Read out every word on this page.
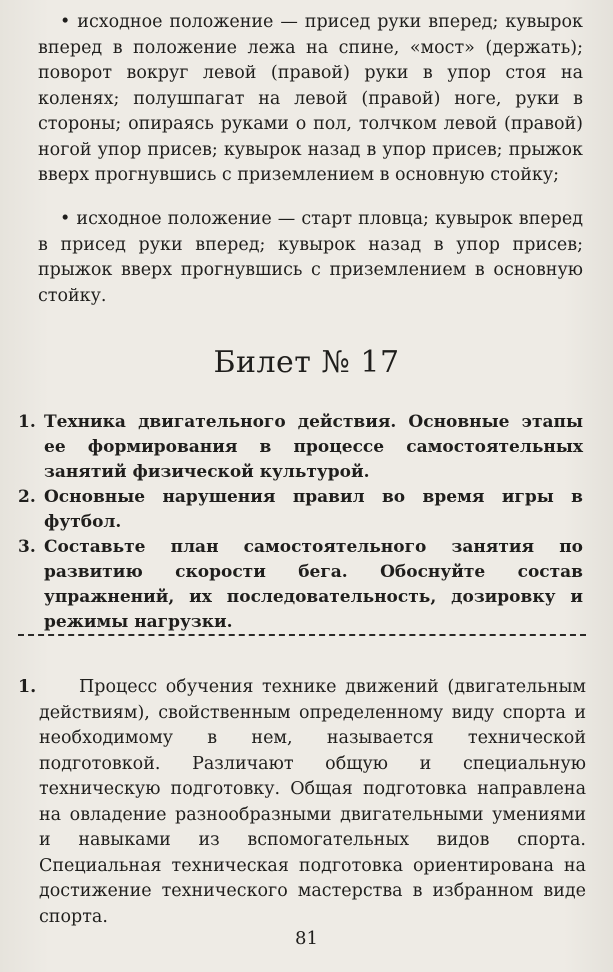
• исходное положение — присед руки вперед; кувырок вперед в положение лежа на спине, «мост» (держать); поворот вокруг левой (правой) руки в упор стоя на коленях; полушпагат на левой (правой) ноге, руки в стороны; опираясь руками о пол, толчком левой (правой) ногой упор присев; кувырок назад в упор присев; прыжок вверх прогнувшись с приземлением в основную стойку;

• исходное положение — старт пловца; кувырок вперед в присед руки вперед; кувырок назад в упор присев; прыжок вверх прогнувшись с приземлением в основную стойку.

Билет № 17
1. Техника двигательного действия. Основные этапы ее формирования в процессе самостоятельных занятий физической культурой.
2. Основные нарушения правил во время игры в футбол.
3. Составьте план самостоятельного занятия по развитию скорости бега. Обоснуйте состав упражнений, их последовательность, дозировку и режимы нагрузки.
1.	Процесс обучения технике движений (двигательным действиям), свойственным определенному виду спорта и необходимому в нем, называется технической подготовкой. Различают общую и специальную техническую подготовку. Общая подготовка направлена на овладение разнообразными двигательными умениями и навыками из вспомогательных видов спорта. Специальная техническая подготовка ориентирована на достижение технического мастерства в избранном виде спорта.
81
